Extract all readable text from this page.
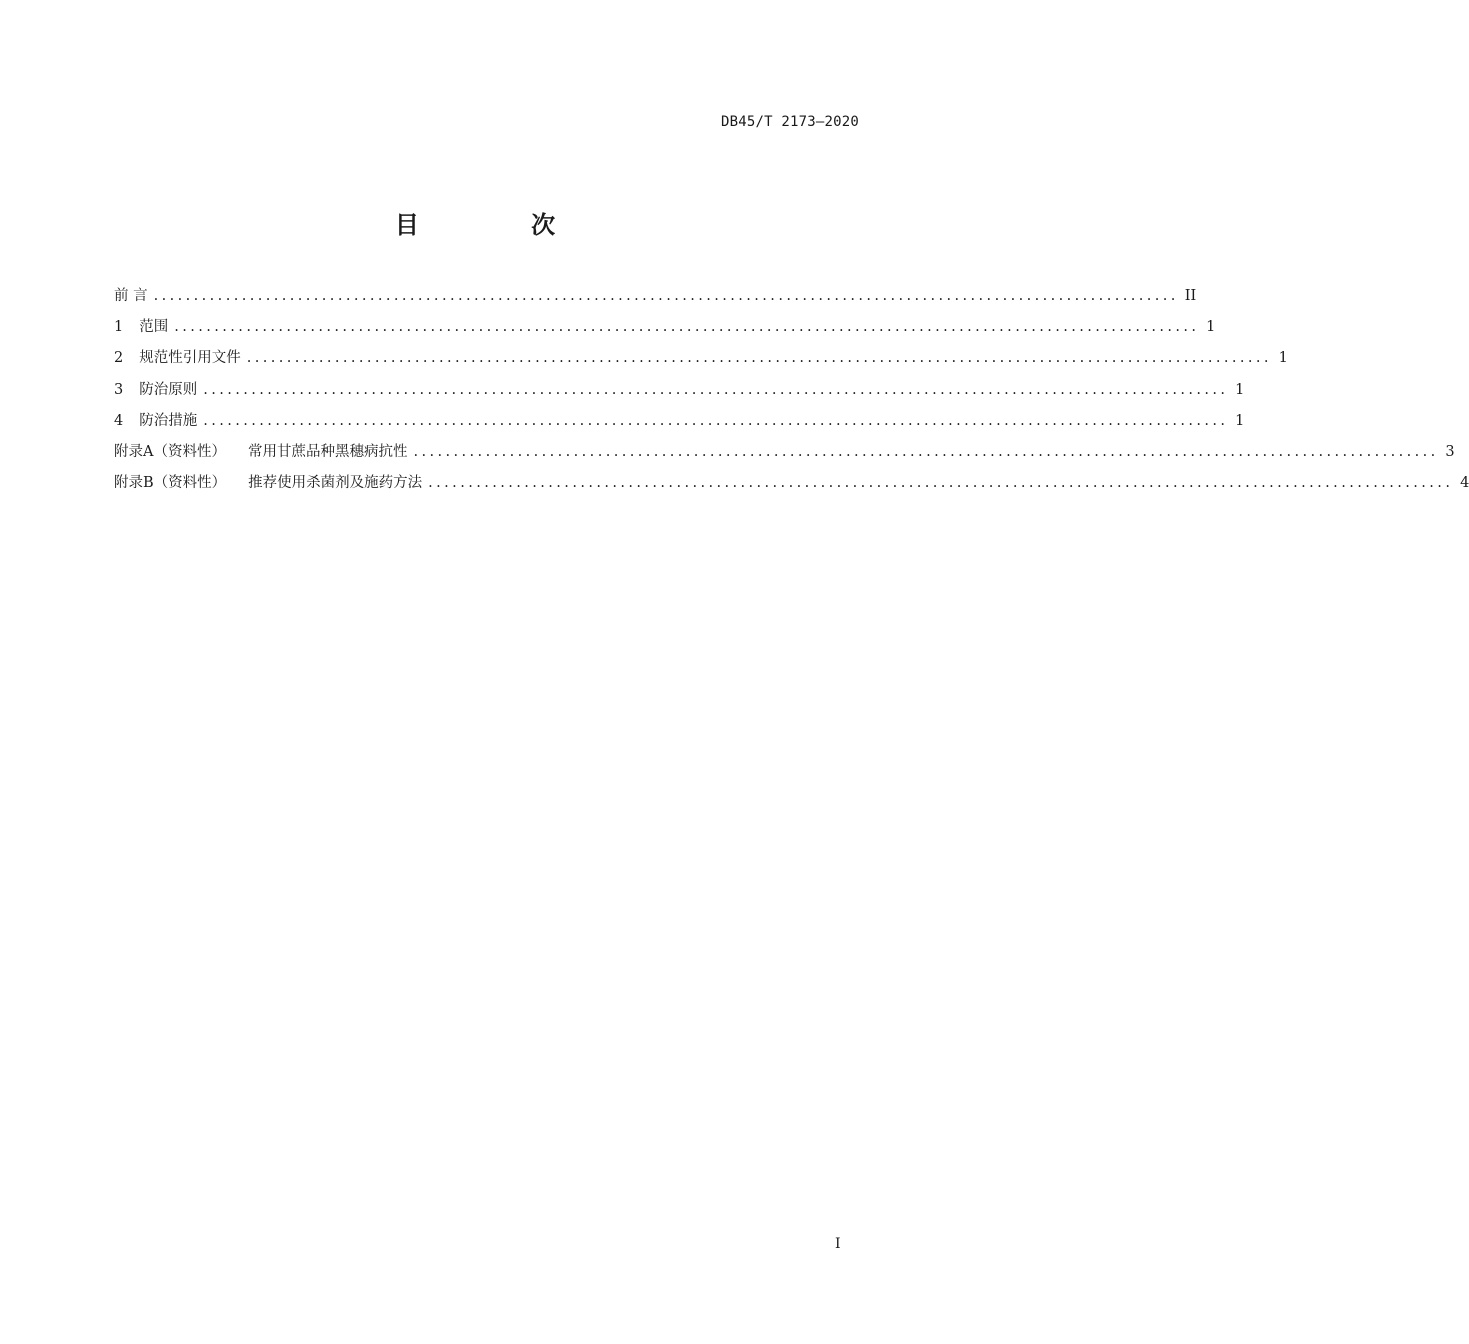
DB45/T 2173—2020
目 次
前 言 ................................................................................................................................ II
1 范围 ................................................................................................................................ 1
2 规范性引用文件 ................................................................................................................................ 1
3 防治原则 ................................................................................................................................ 1
4 防治措施 ................................................................................................................................ 1
附录A（资料性） 常用甘蔗品种黑穗病抗性 ................................................................................................................................ 3
附录B（资料性） 推荐使用杀菌剂及施药方法 ................................................................................................................................ 4
I
